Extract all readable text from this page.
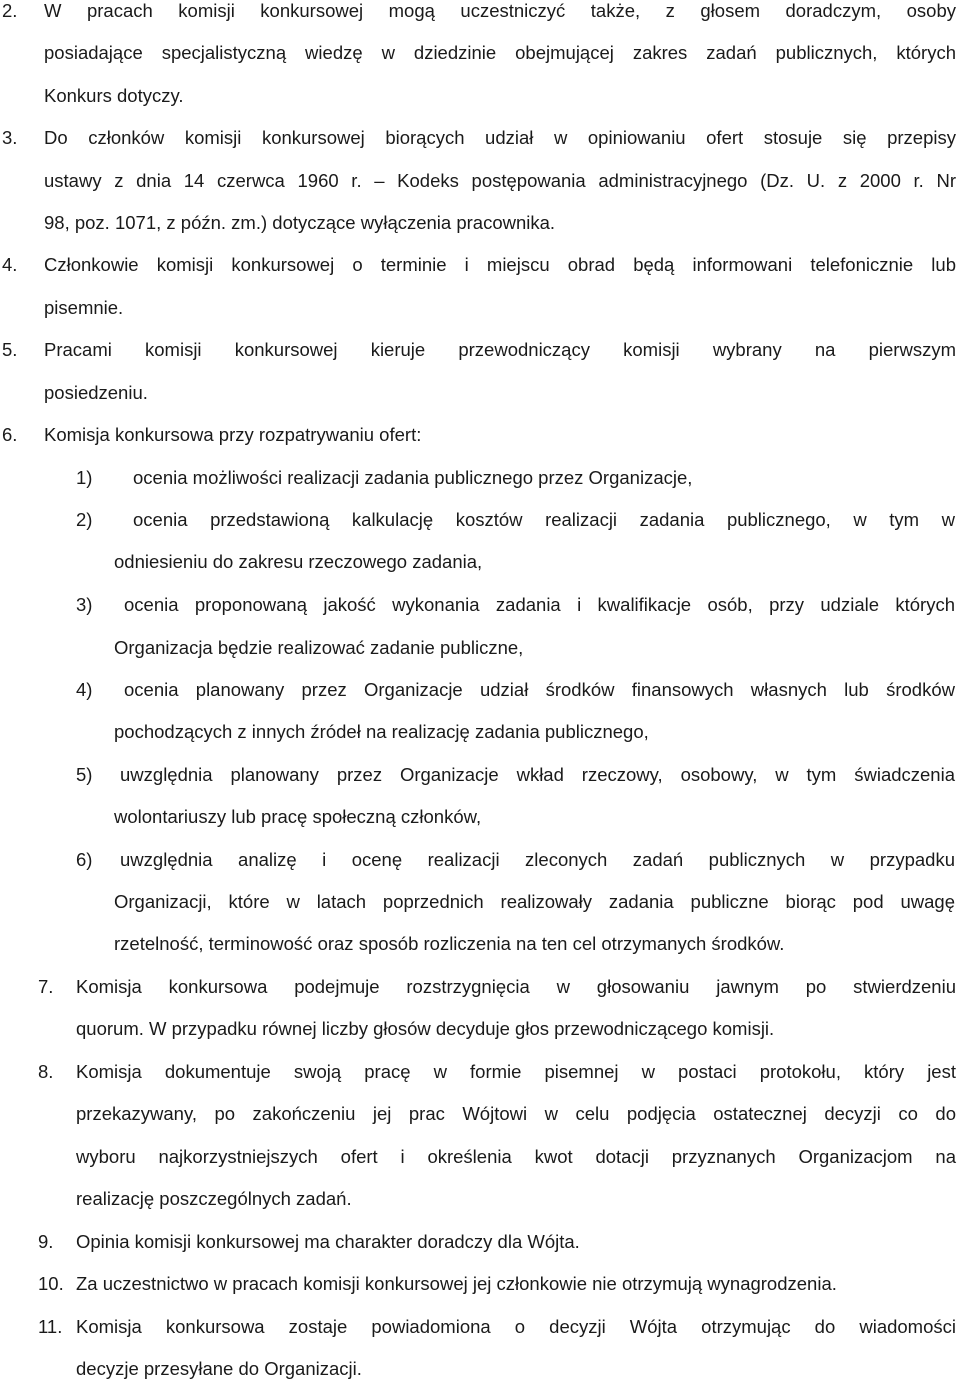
2. W pracach komisji konkursowej mogą uczestniczyć także, z głosem doradczym, osoby
posiadające specjalistyczną wiedzę w dziedzinie obejmującej zakres zadań publicznych, których
Konkurs dotyczy.
3. Do członków komisji konkursowej biorących udział w opiniowaniu ofert stosuje się przepisy
ustawy z dnia 14 czerwca 1960 r. – Kodeks postępowania administracyjnego (Dz. U. z 2000 r. Nr
98, poz. 1071, z późn. zm.) dotyczące wyłączenia pracownika.
4. Członkowie komisji konkursowej o terminie i miejscu obrad będą informowani telefonicznie lub
pisemnie.
5. Pracami komisji konkursowej kieruje przewodniczący komisji wybrany na pierwszym
posiedzeniu.
6. Komisja konkursowa przy rozpatrywaniu ofert:
1) ocenia możliwości realizacji zadania publicznego przez Organizacje,
2) ocenia przedstawioną kalkulację kosztów realizacji zadania publicznego, w tym w
odniesieniu do zakresu rzeczowego zadania,
3) ocenia proponowaną jakość wykonania zadania i kwalifikacje osób, przy udziale których
Organizacja będzie realizować zadanie publiczne,
4) ocenia planowany przez Organizacje udział środków finansowych własnych lub środków
pochodzących z innych źródeł na realizację zadania publicznego,
5) uwzględnia planowany przez Organizacje wkład rzeczowy, osobowy, w tym świadczenia
wolontariuszy lub pracę społeczną członków,
6) uwzględnia analizę i ocenę realizacji zleconych zadań publicznych w przypadku
Organizacji, które w latach poprzednich realizowały zadania publiczne biorąc pod uwagę
rzetelność, terminowość oraz sposób rozliczenia na ten cel otrzymanych środków.
7. Komisja konkursowa podejmuje rozstrzygnięcia w głosowaniu jawnym po stwierdzeniu
quorum. W przypadku równej liczby głosów decyduje głos przewodniczącego komisji.
8. Komisja dokumentuje swoją pracę w formie pisemnej w postaci protokołu, który jest
przekazywany, po zakończeniu jej prac Wójtowi w celu podjęcia ostatecznej decyzji co do
wyboru najkorzystniejszych ofert i określenia kwot dotacji przyznanych Organizacjom na
realizację poszczególnych zadań.
9. Opinia komisji konkursowej ma charakter doradczy dla Wójta.
10. Za uczestnictwo w pracach komisji konkursowej jej członkowie nie otrzymują wynagrodzenia.
11. Komisja konkursowa zostaje powiadomiona o decyzji Wójta otrzymując do wiadomości
decyzje przesyłane do Organizacji.
